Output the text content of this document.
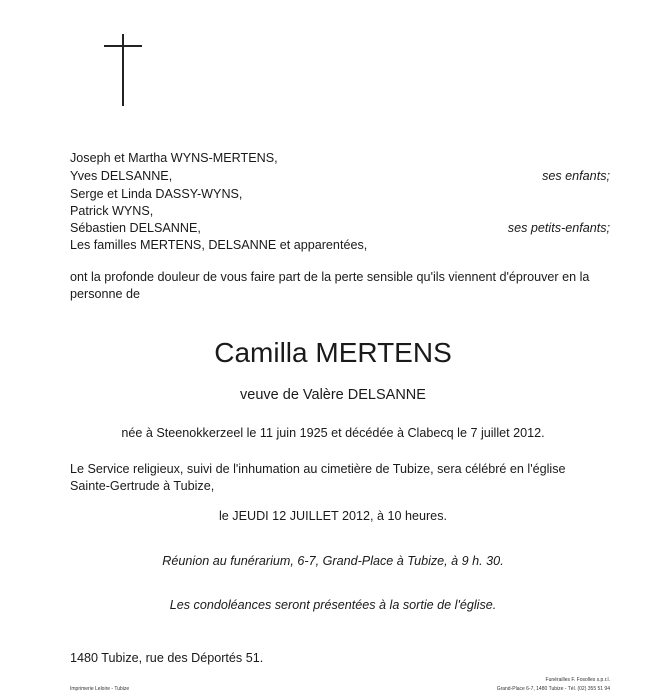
Joseph et Martha WYNS-MERTENS,
Yves DELSANNE,	ses enfants;
Serge et Linda DASSY-WYNS,
Patrick WYNS,
Sébastien DELSANNE,	ses petits-enfants;
Les familles MERTENS, DELSANNE et apparentées,
ont la profonde douleur de vous faire part de la perte sensible qu'ils viennent d'éprouver en la personne de
Camilla MERTENS
veuve de Valère DELSANNE
née à Steenokkerzeel le 11 juin 1925 et décédée à Clabecq le 7 juillet 2012.
Le Service religieux, suivi de l'inhumation au cimetière de Tubize, sera célébré en l'église Sainte-Gertrude à Tubize,
le JEUDI 12 JUILLET 2012, à 10 heures.
Réunion au funérarium, 6-7, Grand-Place à Tubize, à 9 h. 30.
Les condoléances seront présentées à la sortie de l'église.
1480 Tubize, rue des Déportés 51.
Imprimerie Leloire - Tubize
Funérailles F. Fosolles s.p.r.l.
Grand-Place 6-7, 1480 Tubize - Tél. (02) 355 51 94
